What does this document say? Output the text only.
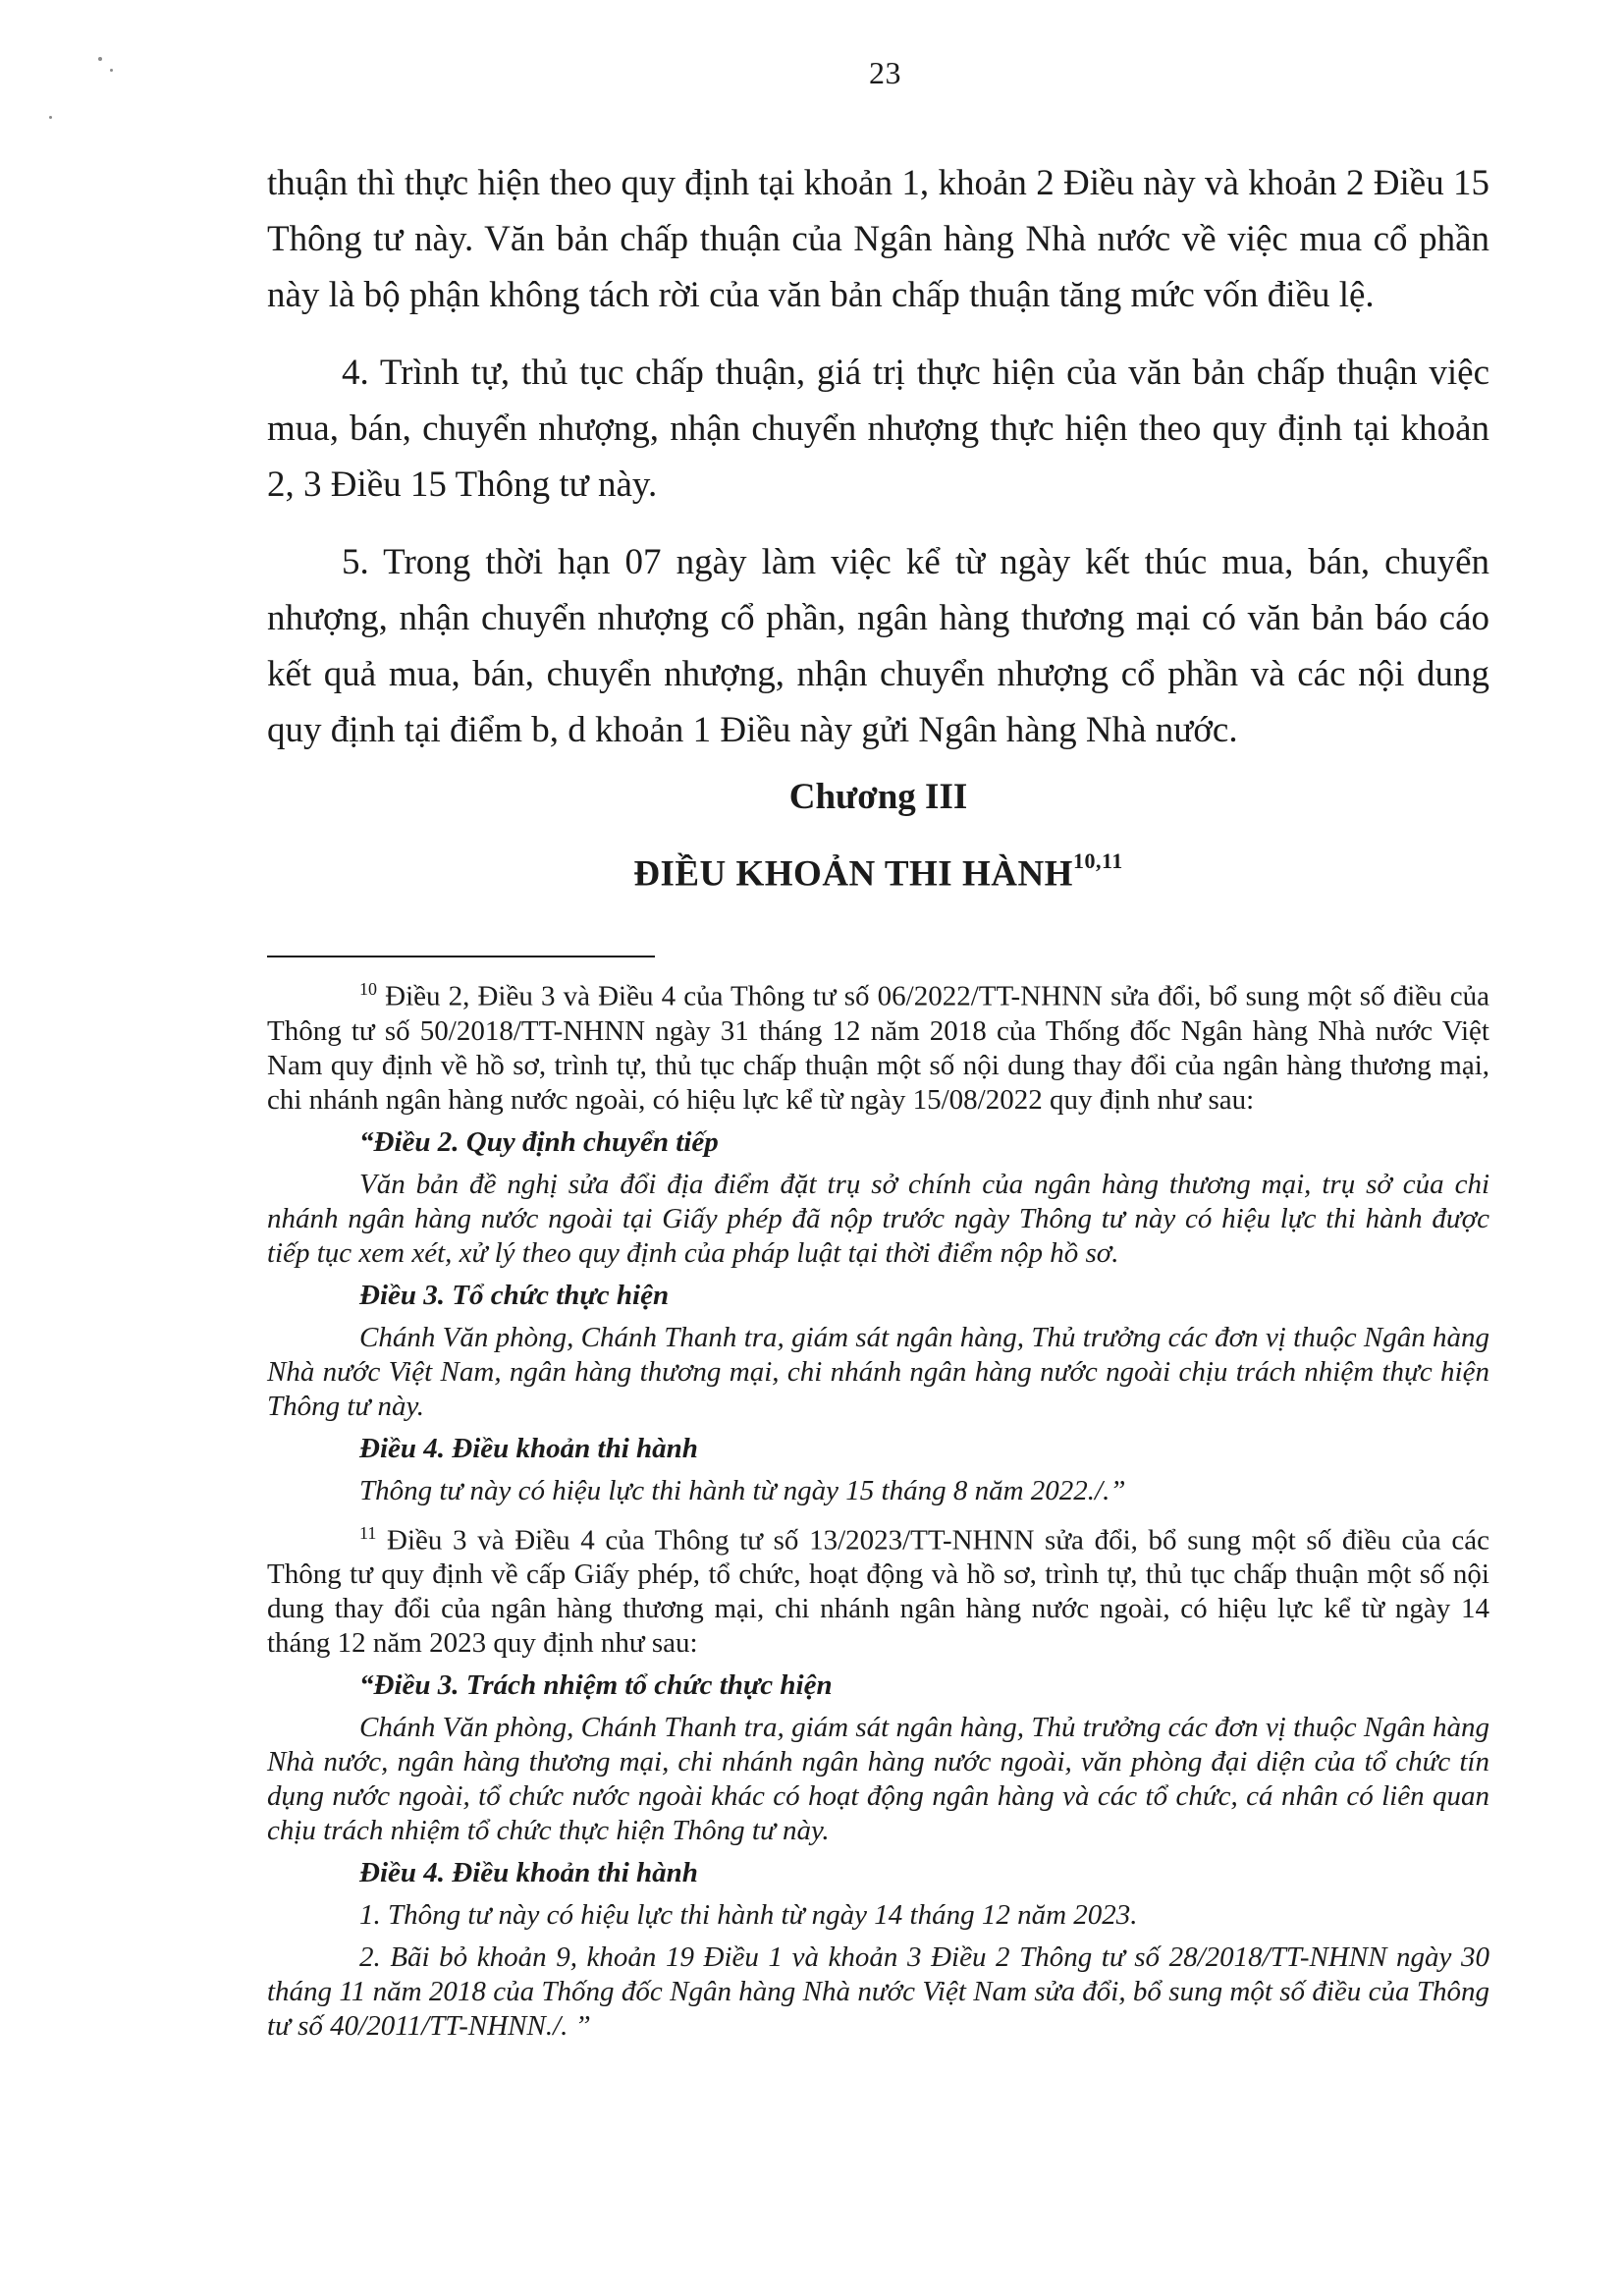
23

thuận thì thực hiện theo quy định tại khoản 1, khoản 2 Điều này và khoản 2 Điều 15 Thông tư này. Văn bản chấp thuận của Ngân hàng Nhà nước về việc mua cổ phần này là bộ phận không tách rời của văn bản chấp thuận tăng mức vốn điều lệ.

4. Trình tự, thủ tục chấp thuận, giá trị thực hiện của văn bản chấp thuận việc mua, bán, chuyển nhượng, nhận chuyển nhượng thực hiện theo quy định tại khoản 2, 3 Điều 15 Thông tư này.

5. Trong thời hạn 07 ngày làm việc kể từ ngày kết thúc mua, bán, chuyển nhượng, nhận chuyển nhượng cổ phần, ngân hàng thương mại có văn bản báo cáo kết quả mua, bán, chuyển nhượng, nhận chuyển nhượng cổ phần và các nội dung quy định tại điểm b, d khoản 1 Điều này gửi Ngân hàng Nhà nước.

Chương III
ĐIỀU KHOẢN THI HÀNH$^{10,11}$

$^{10}$ Điều 2, Điều 3 và Điều 4 của Thông tư số 06/2022/TT-NHNN sửa đổi, bổ sung một số điều của Thông tư số 50/2018/TT-NHNN ngày 31 tháng 12 năm 2018 của Thống đốc Ngân hàng Nhà nước Việt Nam quy định về hồ sơ, trình tự, thủ tục chấp thuận một số nội dung thay đổi của ngân hàng thương mại, chi nhánh ngân hàng nước ngoài, có hiệu lực kể từ ngày 15/08/2022 quy định như sau:

“Điều 2. Quy định chuyển tiếp

Văn bản đề nghị sửa đổi địa điểm đặt trụ sở chính của ngân hàng thương mại, trụ sở của chi nhánh ngân hàng nước ngoài tại Giấy phép đã nộp trước ngày Thông tư này có hiệu lực thi hành được tiếp tục xem xét, xử lý theo quy định của pháp luật tại thời điểm nộp hồ sơ.

Điều 3. Tổ chức thực hiện

Chánh Văn phòng, Chánh Thanh tra, giám sát ngân hàng, Thủ trưởng các đơn vị thuộc Ngân hàng Nhà nước Việt Nam, ngân hàng thương mại, chi nhánh ngân hàng nước ngoài chịu trách nhiệm thực hiện Thông tư này.

Điều 4. Điều khoản thi hành

Thông tư này có hiệu lực thi hành từ ngày 15 tháng 8 năm 2022./.”

$^{11}$ Điều 3 và Điều 4 của Thông tư số 13/2023/TT-NHNN sửa đổi, bổ sung một số điều của các Thông tư quy định về cấp Giấy phép, tổ chức, hoạt động và hồ sơ, trình tự, thủ tục chấp thuận một số nội dung thay đổi của ngân hàng thương mại, chi nhánh ngân hàng nước ngoài, có hiệu lực kể từ ngày 14 tháng 12 năm 2023 quy định như sau:

“Điều 3. Trách nhiệm tổ chức thực hiện

Chánh Văn phòng, Chánh Thanh tra, giám sát ngân hàng, Thủ trưởng các đơn vị thuộc Ngân hàng Nhà nước, ngân hàng thương mại, chi nhánh ngân hàng nước ngoài, văn phòng đại diện của tổ chức tín dụng nước ngoài, tổ chức nước ngoài khác có hoạt động ngân hàng và các tổ chức, cá nhân có liên quan chịu trách nhiệm tổ chức thực hiện Thông tư này.

Điều 4. Điều khoản thi hành

1. Thông tư này có hiệu lực thi hành từ ngày 14 tháng 12 năm 2023.

2. Bãi bỏ khoản 9, khoản 19 Điều 1 và khoản 3 Điều 2 Thông tư số 28/2018/TT-NHNN ngày 30 tháng 11 năm 2018 của Thống đốc Ngân hàng Nhà nước Việt Nam sửa đổi, bổ sung một số điều của Thông tư số 40/2011/TT-NHNN./. ”
